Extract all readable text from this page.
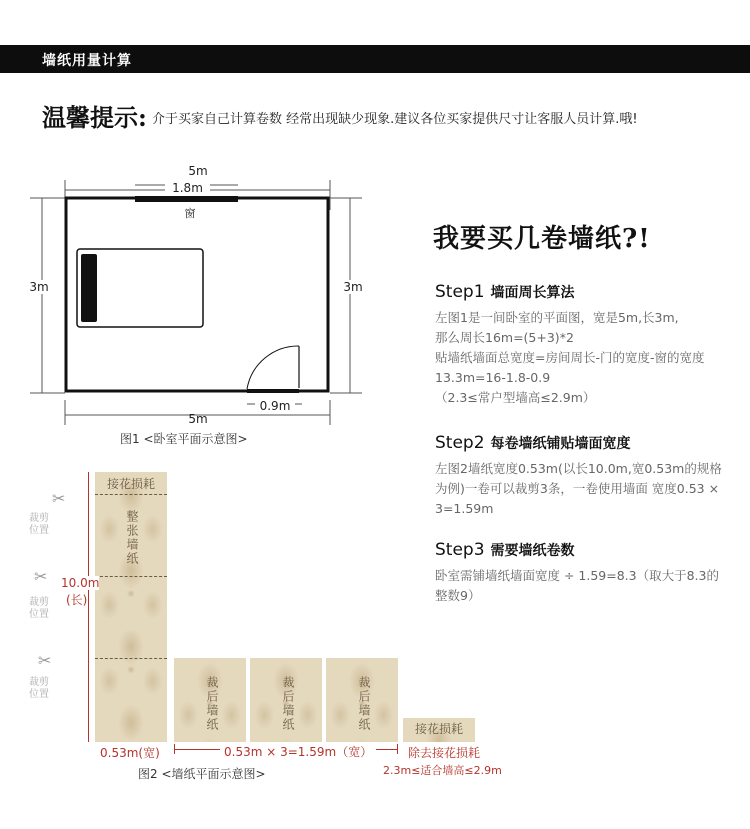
墙纸用量计算
温馨提示: 介于买家自己计算卷数 经常出现缺少现象.建议各位买家提供尺寸让客服人员计算.哦!
5m
1.8m
窗
3m	3m
5m
0.9m
图1 <卧室平面示意图>
我要买几卷墙纸?!
Step1 墙面周长算法
左图1是一间卧室的平面图，宽是5m,长3m,
那么周长16m=(5+3)*2
贴墙纸墙面总宽度=房间周长-门的宽度-窗的宽度
13.3m=16-1.8-0.9
（2.3≤常户型墙高≤2.9m）
Step2 每卷墙纸铺贴墙面宽度
左图2墙纸宽度0.53m(以长10.0m,宽0.53m的规格
为例)一卷可以裁剪3条，一卷使用墙面 宽度0.53 ×
3=1.59m
Step3 需要墙纸卷数
卧室需铺墙纸墙面宽度 ÷ 1.59=8.3（取大于8.3的
整数9）
接花损耗
整张墙纸
✂
裁剪位置
✂
裁剪位置
✂
裁剪位置
10.0m
(长)
0.53m(宽)
裁后墙纸	裁后墙纸	裁后墙纸
0.53m × 3=1.59m（宽）
接花损耗
除去接花损耗
2.3m≤适合墙高≤2.9m
图2 <墙纸平面示意图>
